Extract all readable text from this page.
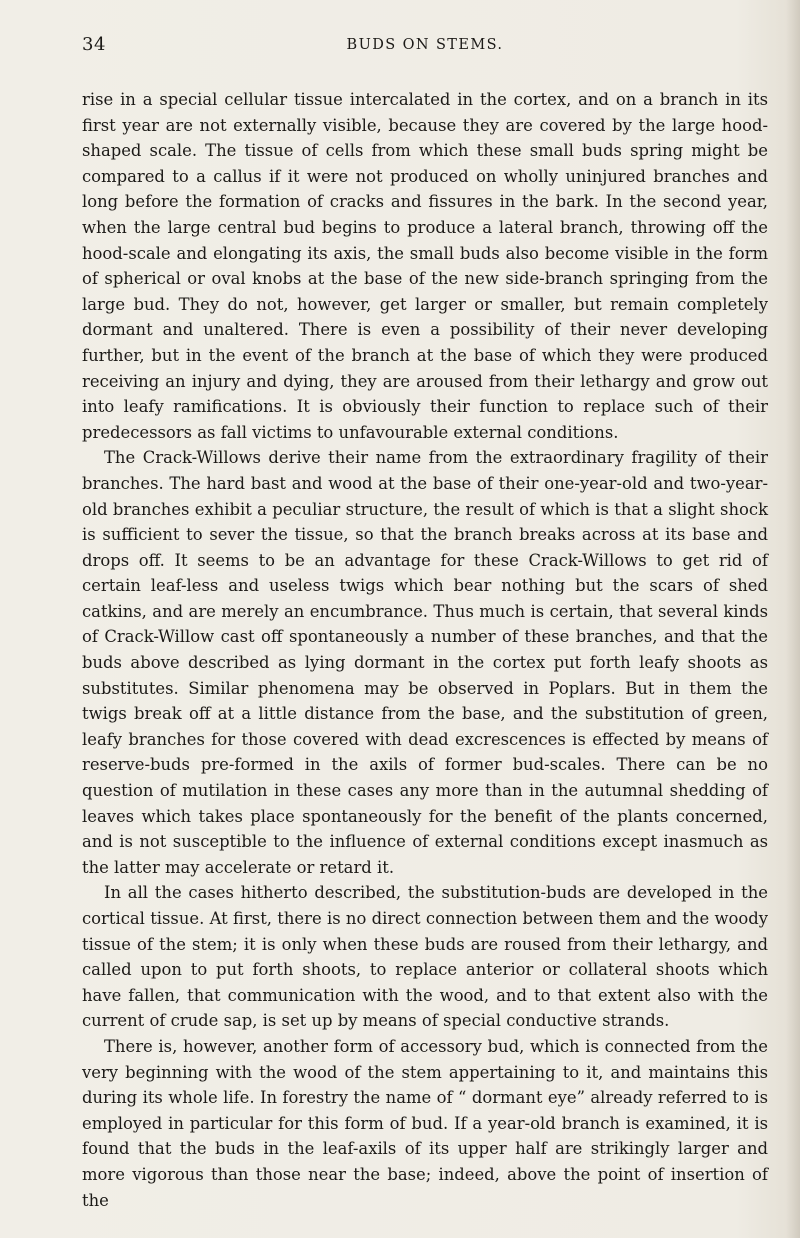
34	BUDS ON STEMS.

rise in a special cellular tissue intercalated in the cortex, and on a branch in its first year are not externally visible, because they are covered by the large hood-shaped scale. The tissue of cells from which these small buds spring might be compared to a callus if it were not produced on wholly uninjured branches and long before the formation of cracks and fissures in the bark. In the second year, when the large central bud begins to produce a lateral branch, throwing off the hood-scale and elongating its axis, the small buds also become visible in the form of spherical or oval knobs at the base of the new side-branch springing from the large bud. They do not, however, get larger or smaller, but remain completely dormant and unaltered. There is even a possibility of their never developing further, but in the event of the branch at the base of which they were produced receiving an injury and dying, they are aroused from their lethargy and grow out into leafy ramifications. It is obviously their function to replace such of their predecessors as fall victims to unfavourable external conditions.

The Crack-Willows derive their name from the extraordinary fragility of their branches. The hard bast and wood at the base of their one-year-old and two-year-old branches exhibit a peculiar structure, the result of which is that a slight shock is sufficient to sever the tissue, so that the branch breaks across at its base and drops off. It seems to be an advantage for these Crack-Willows to get rid of certain leaf-less and useless twigs which bear nothing but the scars of shed catkins, and are merely an encumbrance. Thus much is certain, that several kinds of Crack-Willow cast off spontaneously a number of these branches, and that the buds above described as lying dormant in the cortex put forth leafy shoots as substitutes. Similar phenomena may be observed in Poplars. But in them the twigs break off at a little distance from the base, and the substitution of green, leafy branches for those covered with dead excrescences is effected by means of reserve-buds pre-formed in the axils of former bud-scales. There can be no question of mutilation in these cases any more than in the autumnal shedding of leaves which takes place spontaneously for the benefit of the plants concerned, and is not susceptible to the influence of external conditions except inasmuch as the latter may accelerate or retard it.

In all the cases hitherto described, the substitution-buds are developed in the cortical tissue. At first, there is no direct connection between them and the woody tissue of the stem; it is only when these buds are roused from their lethargy, and called upon to put forth shoots, to replace anterior or collateral shoots which have fallen, that communication with the wood, and to that extent also with the current of crude sap, is set up by means of special conductive strands.

There is, however, another form of accessory bud, which is connected from the very beginning with the wood of the stem appertaining to it, and maintains this during its whole life. In forestry the name of “ dormant eye” already referred to is employed in particular for this form of bud. If a year-old branch is examined, it is found that the buds in the leaf-axils of its upper half are strikingly larger and more vigorous than those near the base; indeed, above the point of insertion of the
